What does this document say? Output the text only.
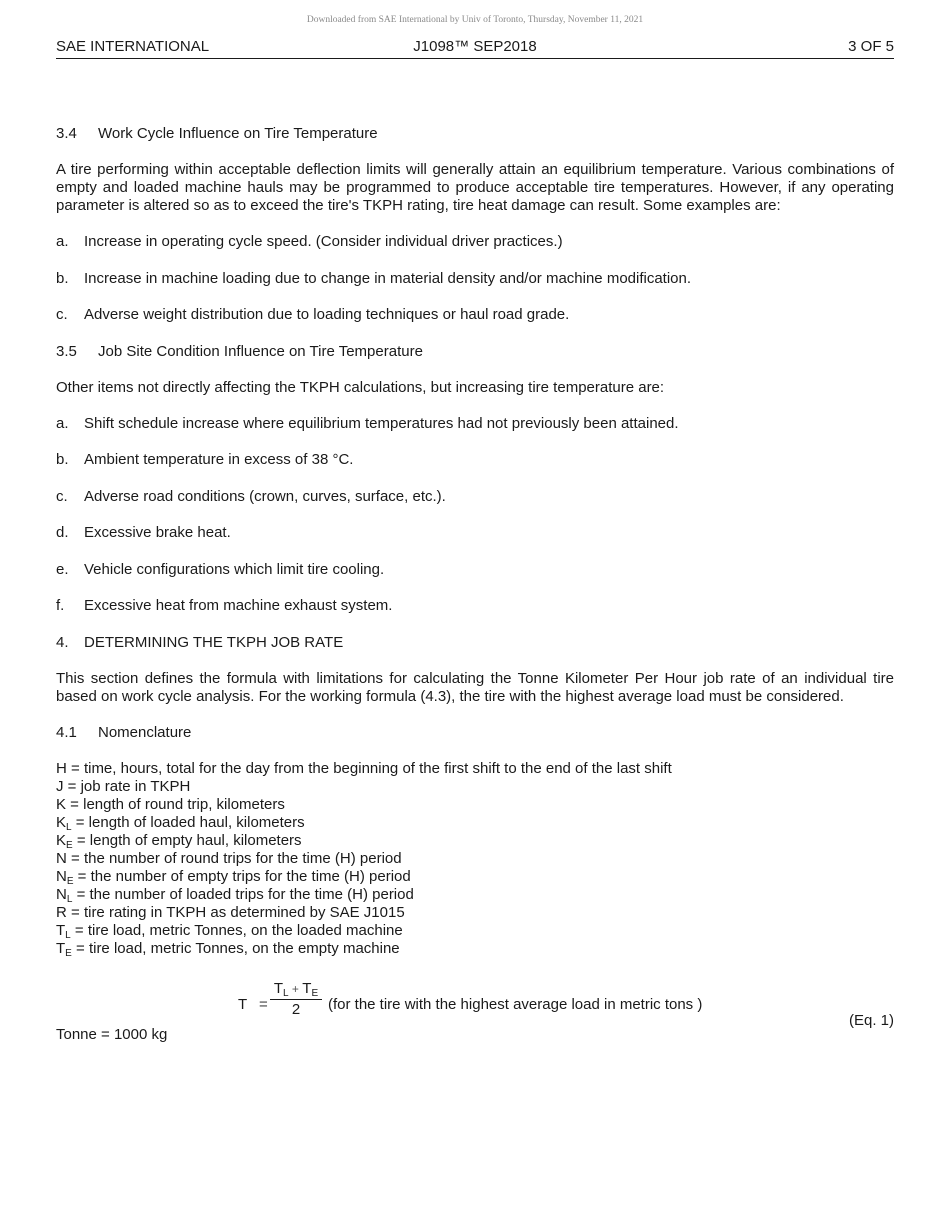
Downloaded from SAE International by Univ of Toronto, Thursday, November 11, 2021
SAE INTERNATIONAL	J1098™ SEP2018	3 OF 5
3.4 Work Cycle Influence on Tire Temperature

A tire performing within acceptable deflection limits will generally attain an equilibrium temperature. Various combinations of empty and loaded machine hauls may be programmed to produce acceptable tire temperatures. However, if any operating parameter is altered so as to exceed the tire's TKPH rating, tire heat damage can result. Some examples are:

a. Increase in operating cycle speed. (Consider individual driver practices.)
b. Increase in machine loading due to change in material density and/or machine modification.
c. Adverse weight distribution due to loading techniques or haul road grade.
3.5 Job Site Condition Influence on Tire Temperature

Other items not directly affecting the TKPH calculations, but increasing tire temperature are:

a. Shift schedule increase where equilibrium temperatures had not previously been attained.
b. Ambient temperature in excess of 38 °C.
c. Adverse road conditions (crown, curves, surface, etc.).
d. Excessive brake heat.
e. Vehicle configurations which limit tire cooling.
f. Excessive heat from machine exhaust system.
4. DETERMINING THE TKPH JOB RATE

This section defines the formula with limitations for calculating the Tonne Kilometer Per Hour job rate of an individual tire based on work cycle analysis. For the working formula (4.3), the tire with the highest average load must be considered.

4.1 Nomenclature
H = time, hours, total for the day from the beginning of the first shift to the end of the last shift
J = job rate in TKPH
K = length of round trip, kilometers
$K_L$ = length of loaded haul, kilometers
$K_E$ = length of empty haul, kilometers
N = the number of round trips for the time (H) period
$N_E$ = the number of empty trips for the time (H) period
$N_L$ = the number of loaded trips for the time (H) period
R = tire rating in TKPH as determined by SAE J1015
$T_L$ = tire load, metric Tonnes, on the loaded machine
$T_E$ = tire load, metric Tonnes, on the empty machine
T =
$T_L + T_E$
2	(for the tire with the highest average load in metric tons )
(Eq. 1)
Tonne = 1000 kg
